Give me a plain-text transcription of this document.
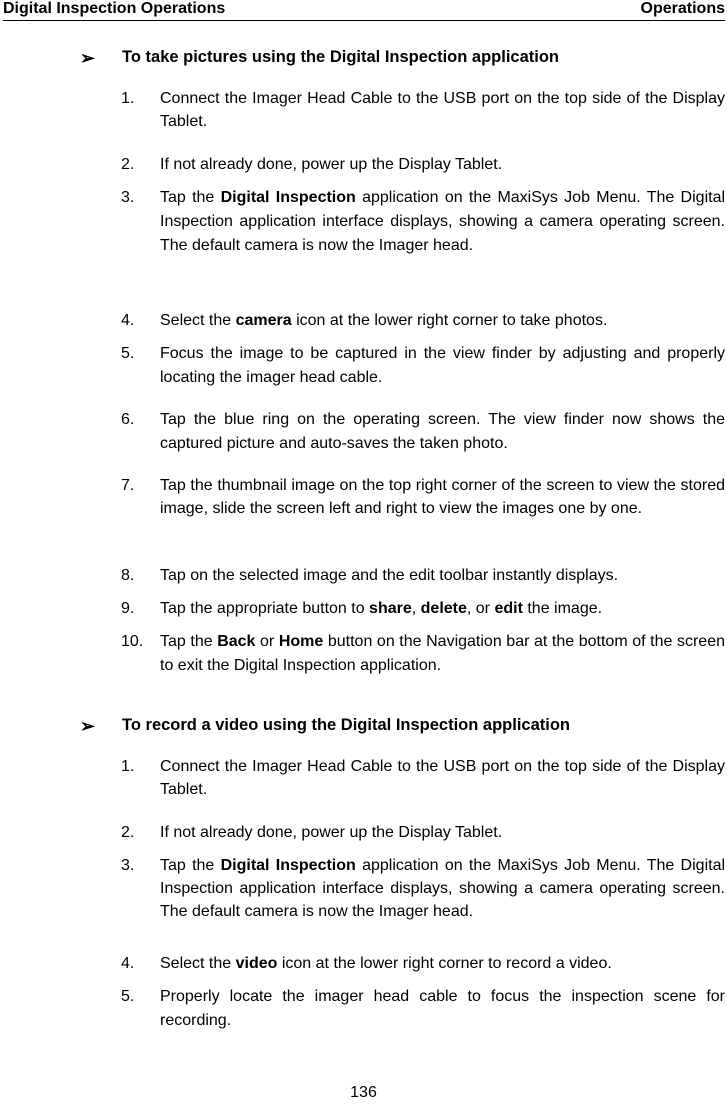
Digital Inspection Operations	Operations
➢ To take pictures using the Digital Inspection application
1. Connect the Imager Head Cable to the USB port on the top side of the Display Tablet.
2. If not already done, power up the Display Tablet.
3. Tap the Digital Inspection application on the MaxiSys Job Menu. The Digital Inspection application interface displays, showing a camera operating screen. The default camera is now the Imager head.
4. Select the camera icon at the lower right corner to take photos.
5. Focus the image to be captured in the view finder by adjusting and properly locating the imager head cable.
6. Tap the blue ring on the operating screen. The view finder now shows the captured picture and auto-saves the taken photo.
7. Tap the thumbnail image on the top right corner of the screen to view the stored image, slide the screen left and right to view the images one by one.
8. Tap on the selected image and the edit toolbar instantly displays.
9. Tap the appropriate button to share, delete, or edit the image.
10. Tap the Back or Home button on the Navigation bar at the bottom of the screen to exit the Digital Inspection application.
➢ To record a video using the Digital Inspection application
1. Connect the Imager Head Cable to the USB port on the top side of the Display Tablet.
2. If not already done, power up the Display Tablet.
3. Tap the Digital Inspection application on the MaxiSys Job Menu. The Digital Inspection application interface displays, showing a camera operating screen. The default camera is now the Imager head.
4. Select the video icon at the lower right corner to record a video.
5. Properly locate the imager head cable to focus the inspection scene for recording.
136
